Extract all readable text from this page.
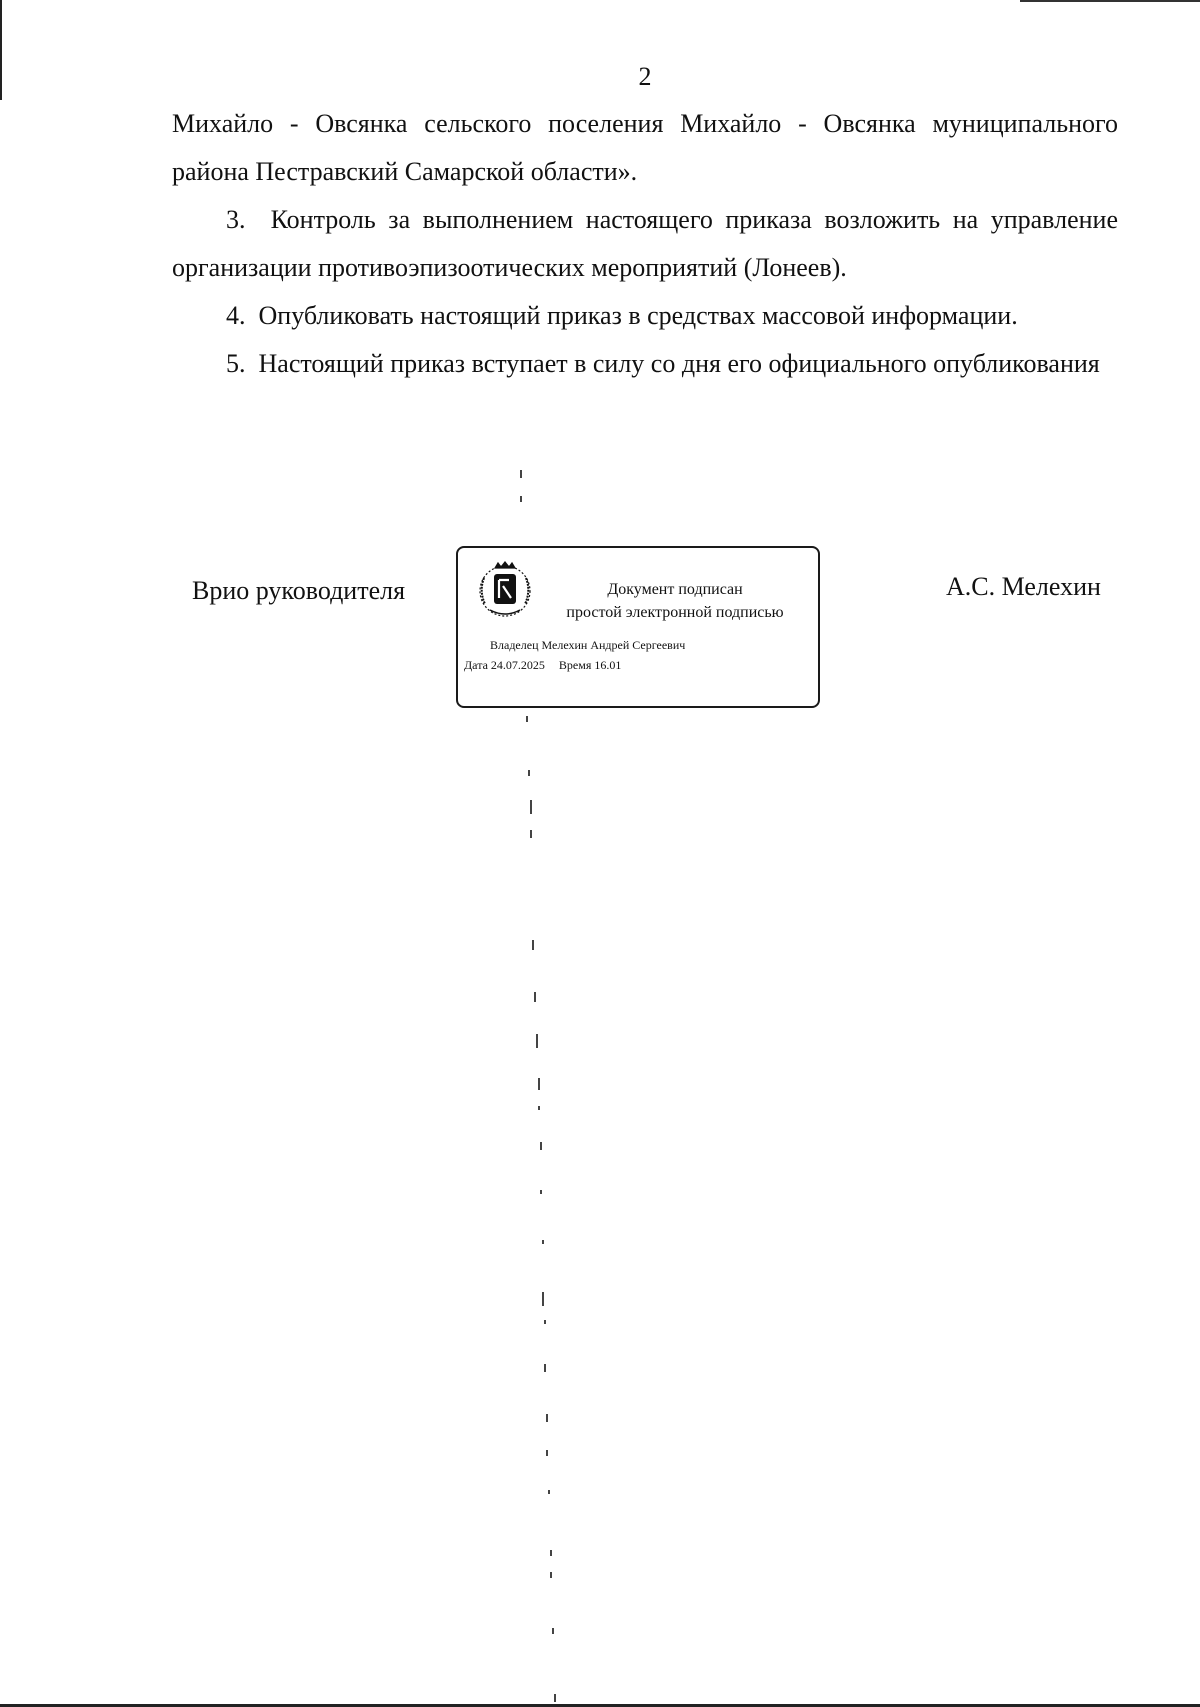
2

Михайло - Овсянка сельского поселения Михайло - Овсянка муниципального

района Пестравский Самарской области».

3.  Контроль за выполнением настоящего приказа возложить на управление организации противоэпизоотических мероприятий (Лонеев).

4.  Опубликовать настоящий приказ в средствах массовой информации.

5.  Настоящий приказ вступает в силу со дня его официального опубликования

Врио руководителя	Документ подписан
простой электронной подписью
Владелец Мелехин Андрей Сергеевич
Дата 24.07.2025 Время 16.01
А.С. Мелехин
